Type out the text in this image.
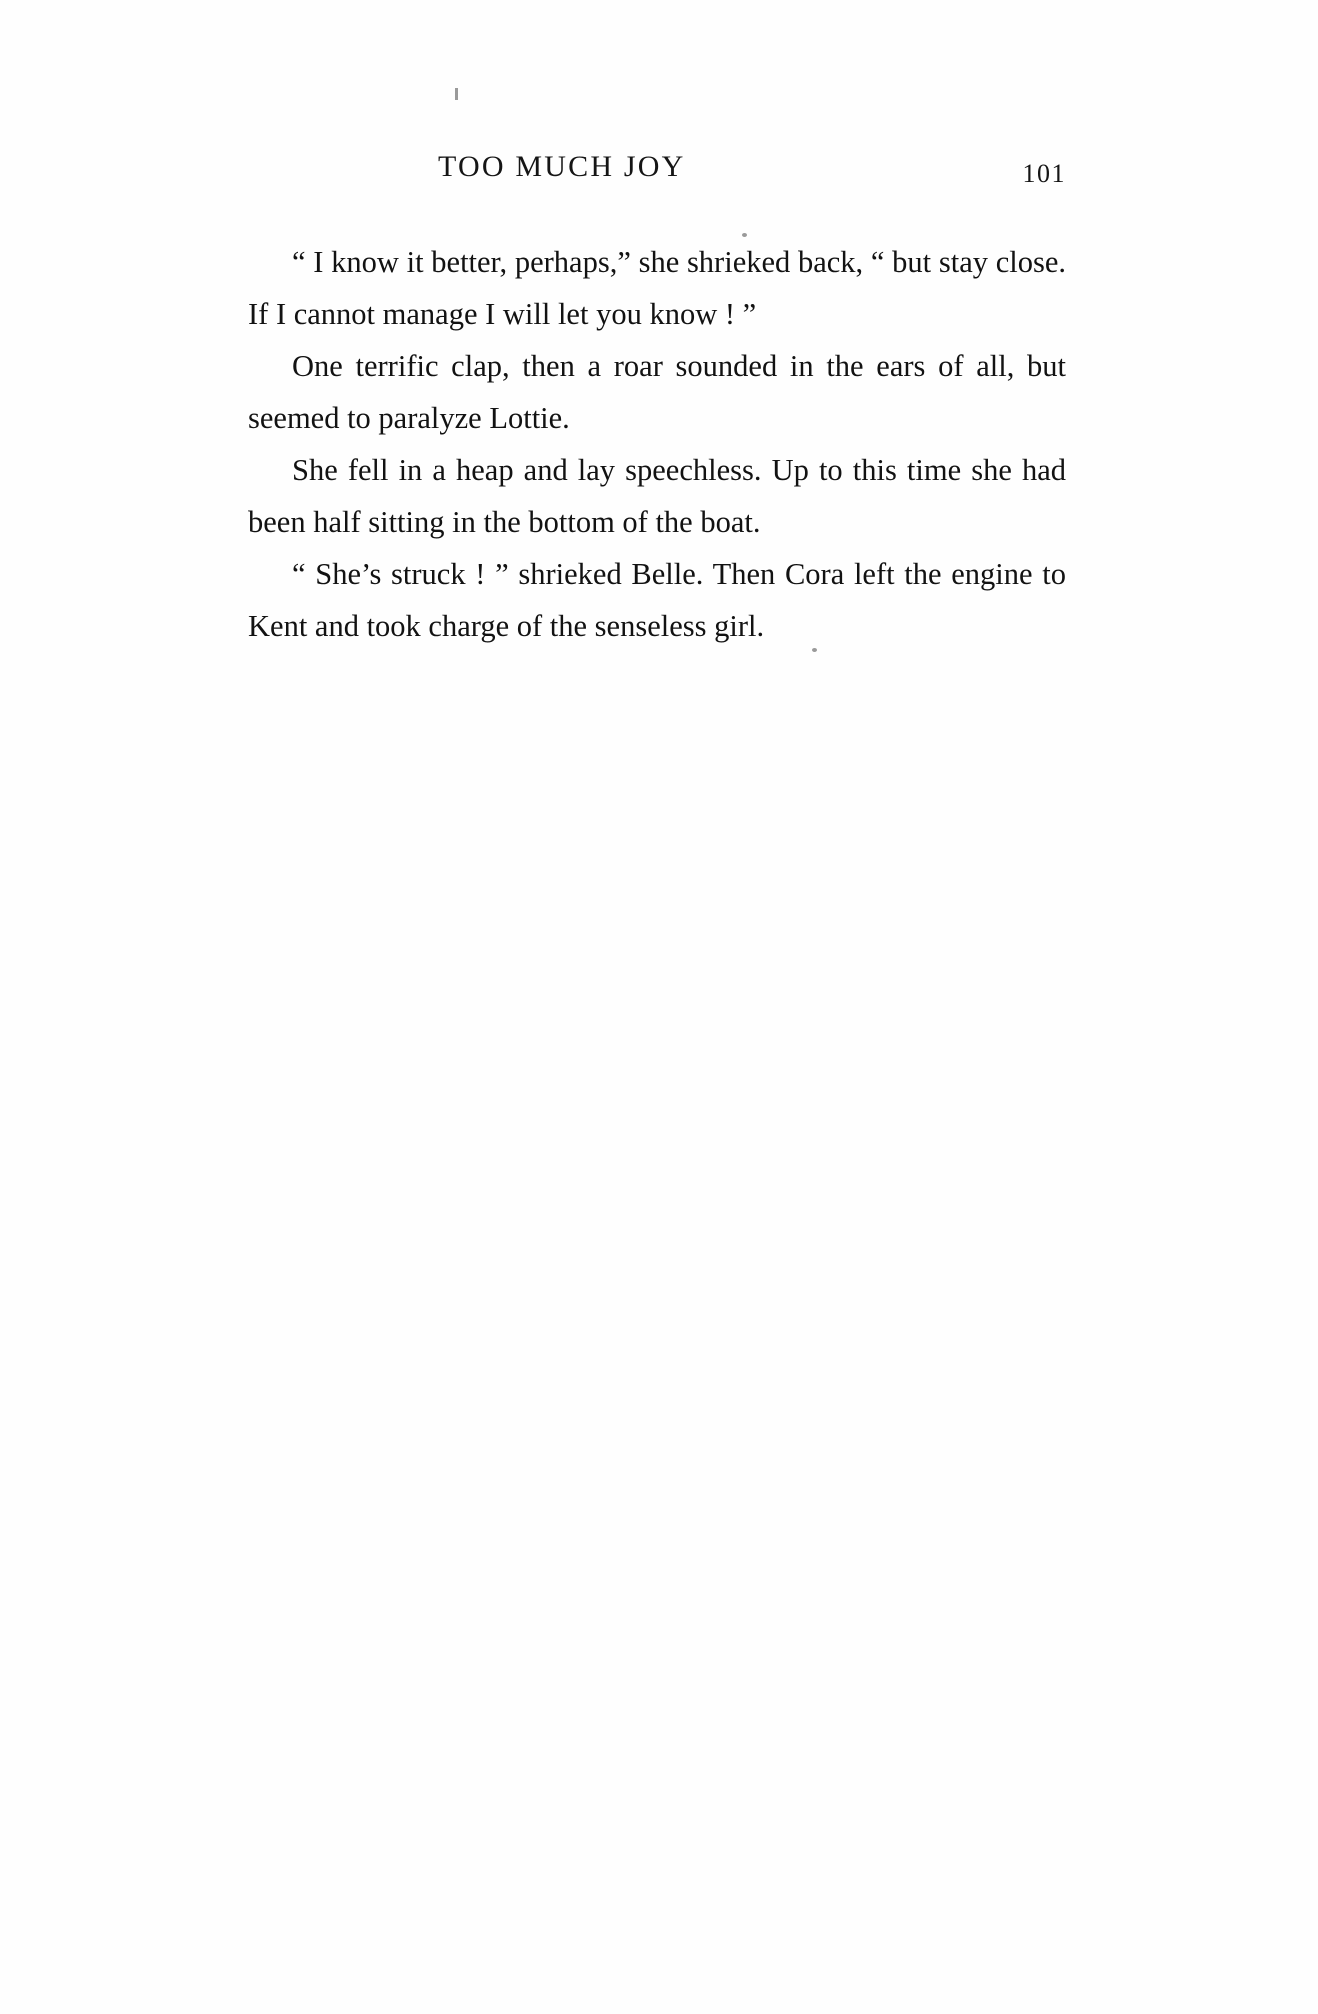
TOO MUCH JOY	101

“ I know it better, perhaps,” she shrieked back, “ but stay close. If I cannot manage I will let you know ! ”

One terrific clap, then a roar sounded in the ears of all, but seemed to paralyze Lottie.

She fell in a heap and lay speechless. Up to this time she had been half sitting in the bottom of the boat.

“ She’s struck ! ” shrieked Belle. Then Cora left the engine to Kent and took charge of the senseless girl.
